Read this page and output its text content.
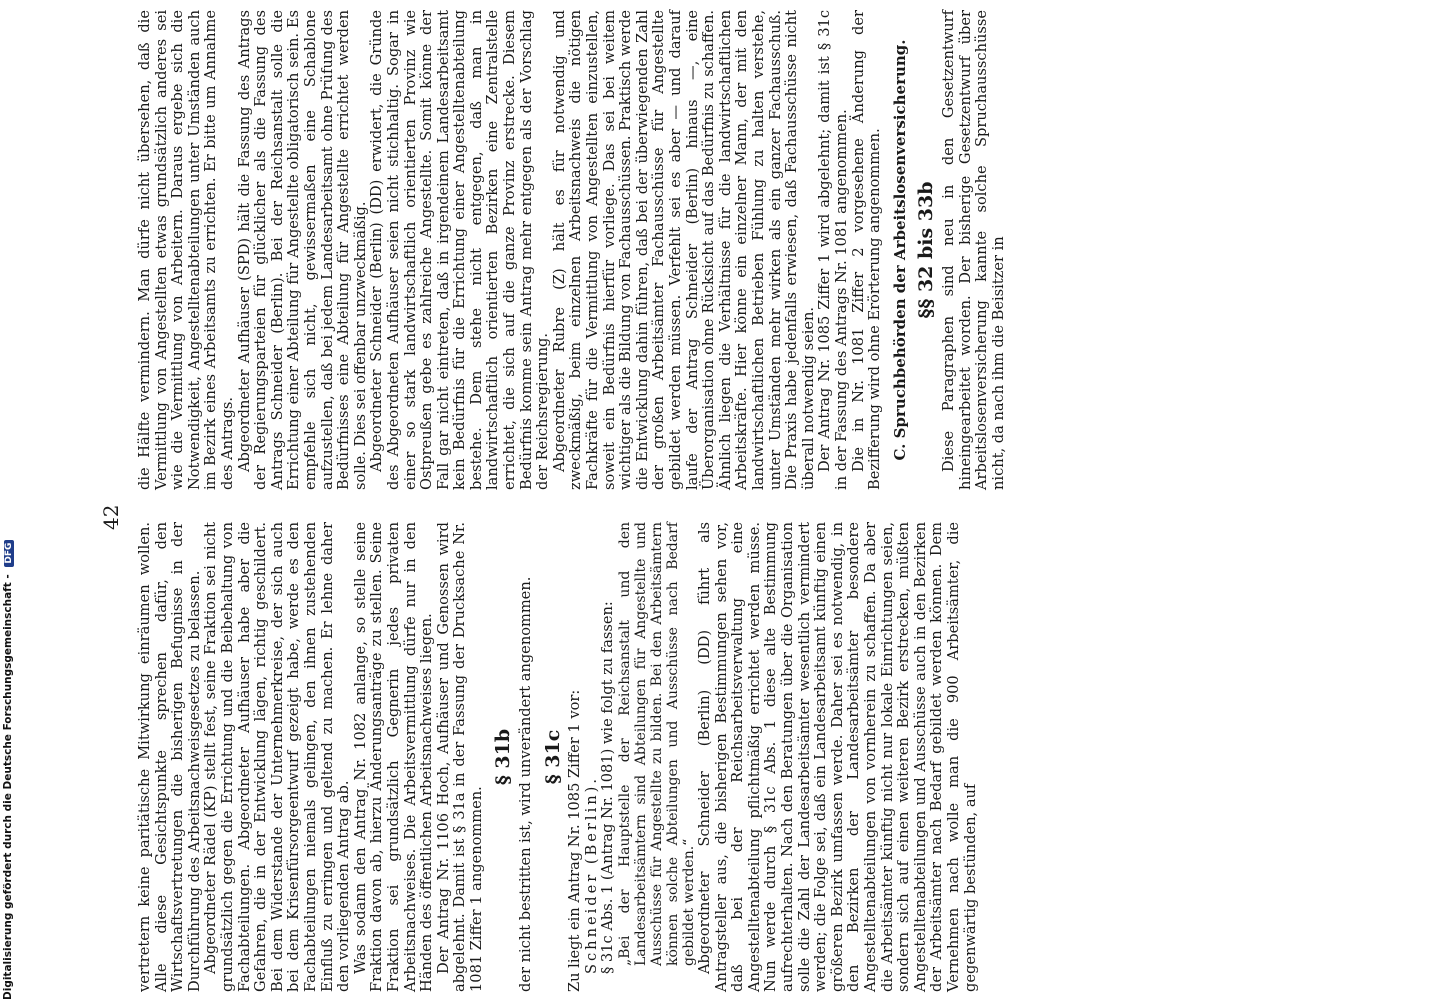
42

vertretern keine paritätische Mitwirkung einräumen wollen. Alle diese Gesichtspunkte sprechen dafür, den Wirtschaftsvertretungen die bisherigen Befugnisse in der Durchführung des Arbeitsnachweisgesetzes zu belassen. Abgeordneter Rädel (KP) stellt fest, seine Fraktion sei nicht grundsätzlich gegen die Errichtung und die Beibehaltung von Fachabteilungen. Abgeordneter Aufhäuser habe aber die Gefahren, die in der Entwicklung lägen, richtig geschildert. Bei dem Widerstande der Unternehmerkreise, der sich auch bei dem Krisenfürsorgeentwurf gezeigt habe, werde es den Fachabteilungen niemals gelingen, den ihnen zustehenden Einfluß zu erringen und geltend zu machen. Er lehne daher den vorliegenden Antrag ab. Was sodann den Antrag Nr. 1082 anlange, so stelle seine Fraktion davon ab, hierzu Änderungsanträge zu stellen. Seine Fraktion sei grundsätzlich Gegnerin jedes privaten Arbeitsnachweises. Die Arbeitsvermittlung dürfe nur in den Händen des öffentlichen Arbeitsnachweises liegen. Der Antrag Nr. 1106 Hoch, Aufhäuser und Genossen wird abgelehnt. Damit ist § 31a in der Fassung der Drucksache Nr. 1081 Ziffer 1 angenommen.

§ 31b der nicht bestritten ist, wird unverändert angenommen. § 31c Zu liegt ein Antrag Nr. 1085 Ziffer 1 vor: Schneider (Berlin). § 31c Abs. 1 (Antrag Nr. 1081) wie folgt zu fassen: „Bei der Hauptstelle der Reichsanstalt und den Landesarbeitsämtern sind Abteilungen für Angestellte und Ausschüsse für Angestellte zu bilden. Bei den Arbeitsämtern können solche Abteilungen und Ausschüsse nach Bedarf gebildet werden.“ Abgeordneter Schneider (Berlin) (DD) führt als Antragsteller aus, die bisherigen Bestimmungen sehen vor, daß bei der Reichsarbeitsverwaltung eine Angestelltenabteilung pflichtmäßig errichtet werden müsse. Nun werde durch § 31c Abs. 1 diese alte Bestimmung aufrechterhalten. Nach den Beratungen über die Organisation solle die Zahl der Landesarbeitsämter wesentlich vermindert werden; die Folge sei, daß ein Landesarbeitsamt künftig einen größeren Bezirk umfassen werde. Daher sei es notwendig, in den Bezirken der Landesarbeitsämter besondere Angestelltenabteilungen von vornherein zu schaffen. Da aber die Arbeitsämter künftig nicht nur lokale Einrichtungen seien, sondern sich auf einen weiteren Bezirk erstrecken, müßten Angestelltenabteilungen und Ausschüsse auch in den Bezirken der Arbeitsämter nach Bedarf gebildet werden können. Dem Vernehmen nach wolle man die 900 Arbeitsämter, die gegenwärtig bestünden, auf

die Hälfte vermindern. Man dürfe nicht übersehen, daß die Vermittlung von Angestellten etwas grundsätzlich anderes sei wie die Vermittlung von Arbeitern. Daraus ergebe sich die Notwendigkeit, Angestelltenabteilungen unter Umständen auch im Bezirk eines Arbeitsamts zu errichten. Er bitte um Annahme des Antrags. Abgeordneter Aufhäuser (SPD) hält die Fassung des Antrags der Regierungsparteien für glücklicher als die Fassung des Antrags Schneider (Berlin). Bei der Reichsanstalt solle die Errichtung einer Abteilung für Angestellte obligatorisch sein. Es empfehle sich nicht, gewissermaßen eine Schablone aufzustellen, daß bei jedem Landesarbeitsamt ohne Prüfung des Bedürfnisses eine Abteilung für Angestellte errichtet werden solle. Dies sei offenbar unzweckmäßig. Abgeordneter Schneider (Berlin) (DD) erwidert, die Gründe des Abgeordneten Aufhäuser seien nicht stichhaltig. Sogar in einer so stark landwirtschaftlich orientierten Provinz wie Ostpreußen gebe es zahlreiche Angestellte. Somit könne der Fall gar nicht eintreten, daß in irgendeinem Landesarbeitsamt kein Bedürfnis für die Errichtung einer Angestelltenabteilung bestehe. Dem stehe nicht entgegen, daß man in landwirtschaftlich orientierten Bezirken eine Zentralstelle errichtet, die sich auf die ganze Provinz erstrecke. Diesem Bedürfnis komme sein Antrag mehr entgegen als der Vorschlag der Reichsregierung. Abgeordneter Rubre (Z) hält es für notwendig und zweckmäßig, beim einzelnen Arbeitsnachweis die nötigen Fachkräfte für die Vermittlung von Angestellten einzustellen, soweit ein Bedürfnis hierfür vorliege. Das sei bei weitem wichtiger als die Bildung von Fachausschüssen. Praktisch werde die Entwicklung dahin führen, daß bei der überwiegenden Zahl der großen Arbeitsämter Fachausschüsse für Angestellte gebildet werden müssen. Verfehlt sei es aber — und darauf laufe der Antrag Schneider (Berlin) hinaus —, eine Überorganisation ohne Rücksicht auf das Bedürfnis zu schaffen. Ähnlich liegen die Verhältnisse für die landwirtschaftlichen Arbeitskräfte. Hier könne ein einzelner Mann, der mit den landwirtschaftlichen Betrieben Fühlung zu halten verstehe, unter Umständen mehr wirken als ein ganzer Fachausschuß. Die Praxis habe jedenfalls erwiesen, daß Fachausschüsse nicht überall notwendig seien. Der Antrag Nr. 1085 Ziffer 1 wird abgelehnt; damit ist § 31c in der Fassung des Antrags Nr. 1081 angenommen. Die in Nr. 1081 Ziffer 2 vorgesehene Änderung der Bezifferung wird ohne Erörterung angenommen. C. Spruchbehörden der Arbeitslosenversicherung. §§ 32 bis 33b Diese Paragraphen sind neu in den Gesetzentwurf hineingearbeitet worden. Der bisherige Gesetzentwurf über Arbeitslosenversicherung kannte solche Spruchausschüsse nicht, da nach ihm die Beisitzer in

Digitalisierung gefördert durch die Deutsche Forschungsgemeinschaft - DFG
